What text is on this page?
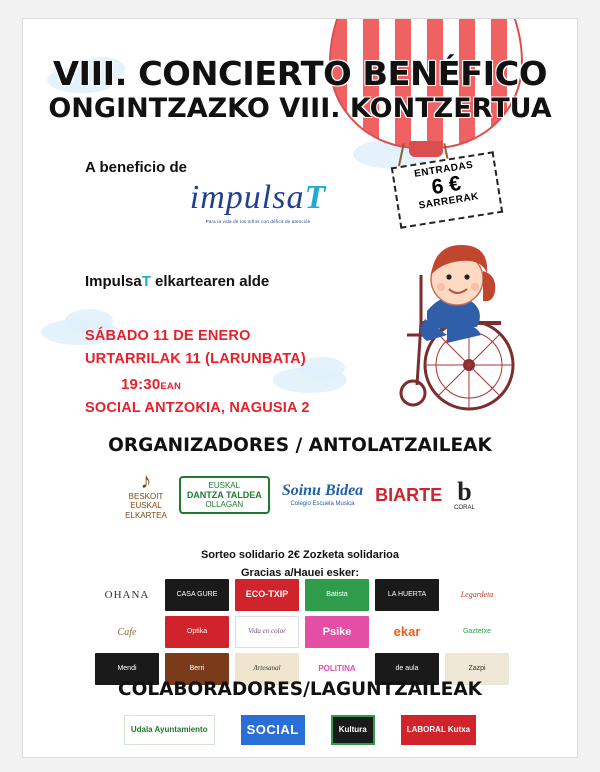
VIII. CONCIERTO BENÉFICO
ONGINTZAZKO VIII. KONTZERTUA
A beneficio de
impulsaT
Para la vida de los niños con déficit de atención
ImpulsaT elkartearen alde
ENTRADAS
6 €
SARRERAK
SÁBADO 11 DE ENERO
URTARRILAK 11 (LARUNBATA)
19:30EAN
SOCIAL ANTZOKIA, NAGUSIA 2
ORGANIZADORES / ANTOLATZAILEAK
♪
BESKOIT
EUSKAL
ELKARTEA
EUSKAL
DANTZA TALDEA
OLLAGAN
Soinu Bidea
Colegio Escuela Musica	BIARTE b
CORAL
Sorteo solidario 2€ Zozketa solidarioa
Gracias a/Hauei esker:
OHANA	CASA GURE	ECO-TXIP	Batista	LA HUERTA	Legardeta
Cafe	Optika	Vida en color	Psike	ekar	Gaztetxe
Mendi	Berri	Artesanal	POLITINA	de aula	Zazpi
COLABORADORES/LAGUNTZAILEAK
Udala Ayuntamiento	SOCIAL	Kultura	LABORAL Kutxa
